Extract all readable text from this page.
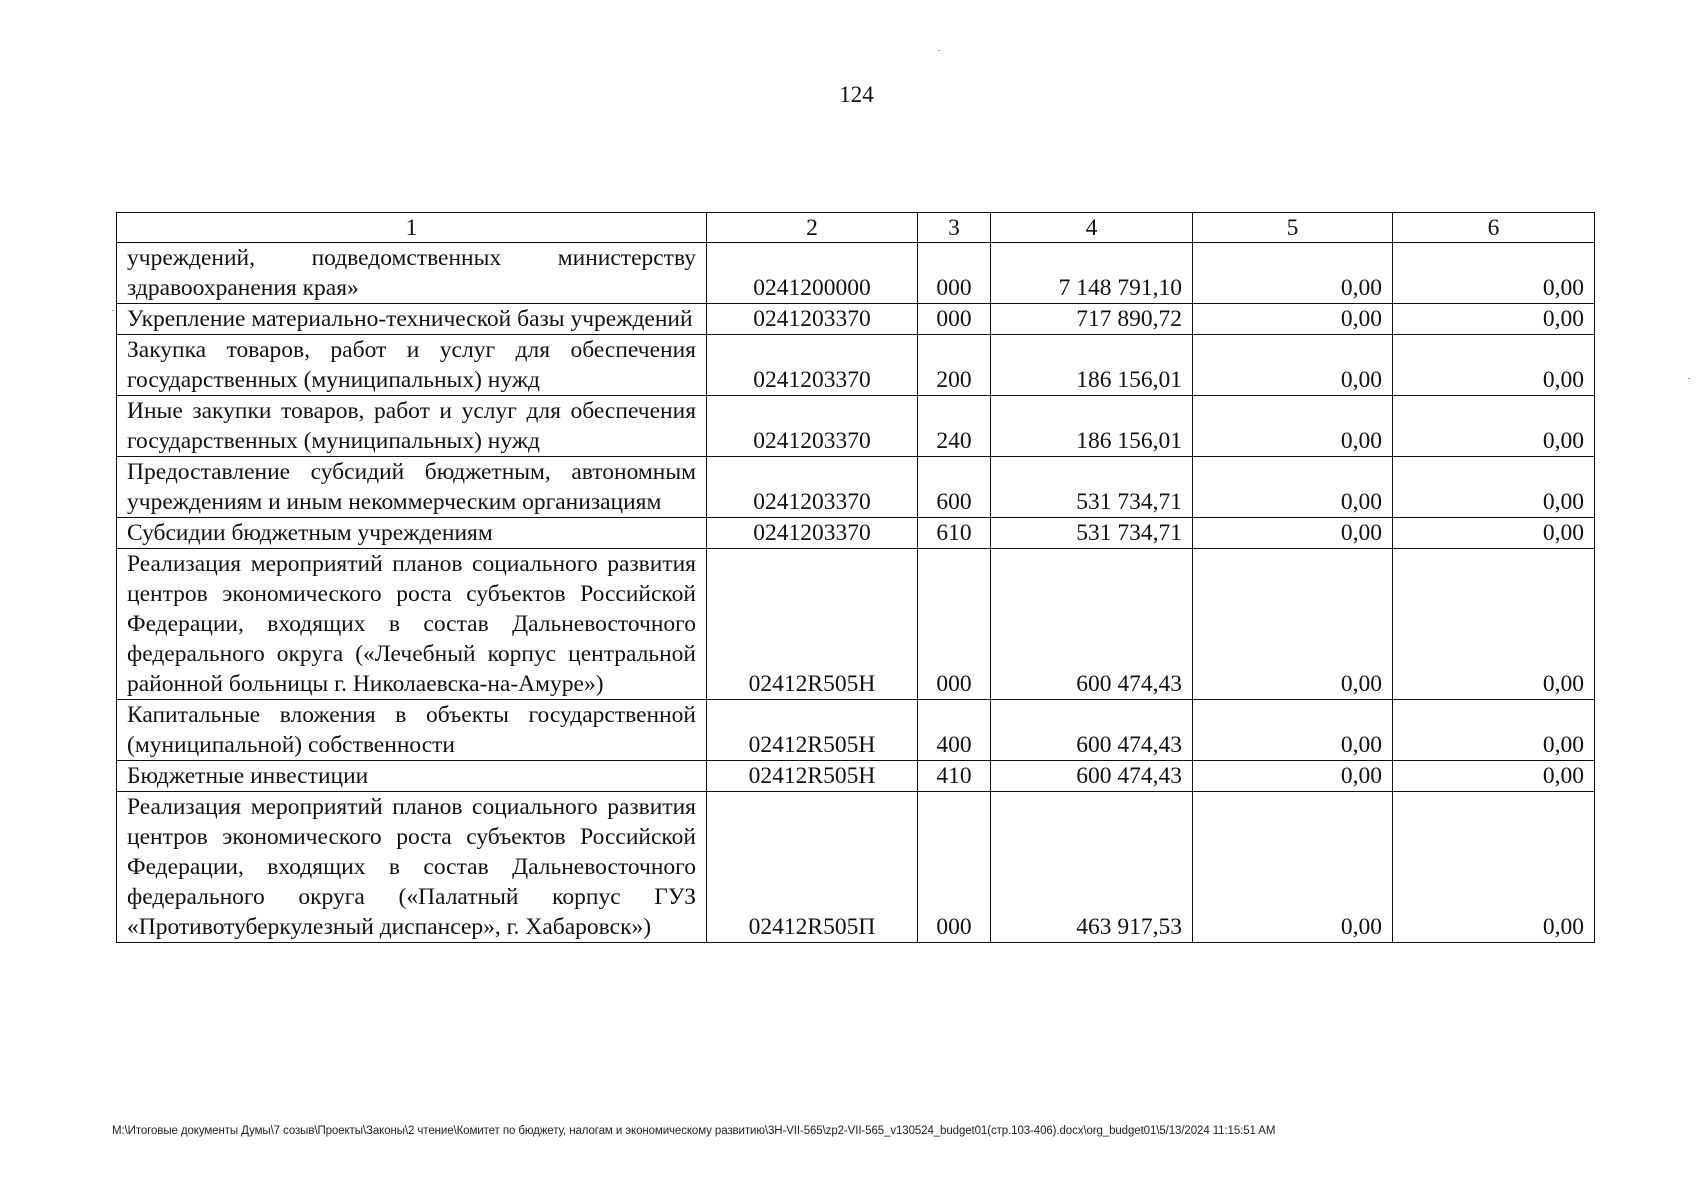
124
1	2	3	4	5	6
учреждений, подведомственных министерству здравоохранения края»	0241200000	000	7 148 791,10	0,00	0,00
Укрепление материально-технической базы учреждений	0241203370	000	717 890,72	0,00	0,00
Закупка товаров, работ и услуг для обеспечения государственных (муниципальных) нужд	0241203370	200	186 156,01	0,00	0,00
Иные закупки товаров, работ и услуг для обеспечения государственных (муниципальных) нужд	0241203370	240	186 156,01	0,00	0,00
Предоставление субсидий бюджетным, автономным учреждениям и иным некоммерческим организациям	0241203370	600	531 734,71	0,00	0,00
Субсидии бюджетным учреждениям	0241203370	610	531 734,71	0,00	0,00
Реализация мероприятий планов социального развития центров экономического роста субъектов Российской Федерации, входящих в состав Дальневосточного федерального округа («Лечебный корпус центральной районной больницы г. Николаевска-на-Амуре»)	02412R505Н	000	600 474,43	0,00	0,00
Капитальные вложения в объекты государственной (муниципальной) собственности	02412R505Н	400	600 474,43	0,00	0,00
Бюджетные инвестиции	02412R505Н	410	600 474,43	0,00	0,00
Реализация мероприятий планов социального развития центров экономического роста субъектов Российской Федерации, входящих в состав Дальневосточного федерального округа («Палатный корпус ГУЗ «Противотуберкулезный диспансер», г. Хабаровск»)	02412R505П	000	463 917,53	0,00	0,00
M:\Итоговые документы Думы\7 созыв\Проекты\Законы\2 чтение\Комитет по бюджету, налогам и экономическому развитию\3Н-VII-565\zp2-VII-565_v130524_budget01(стр.103-406).docx\org_budget01\5/13/2024 11:15:51 AM
